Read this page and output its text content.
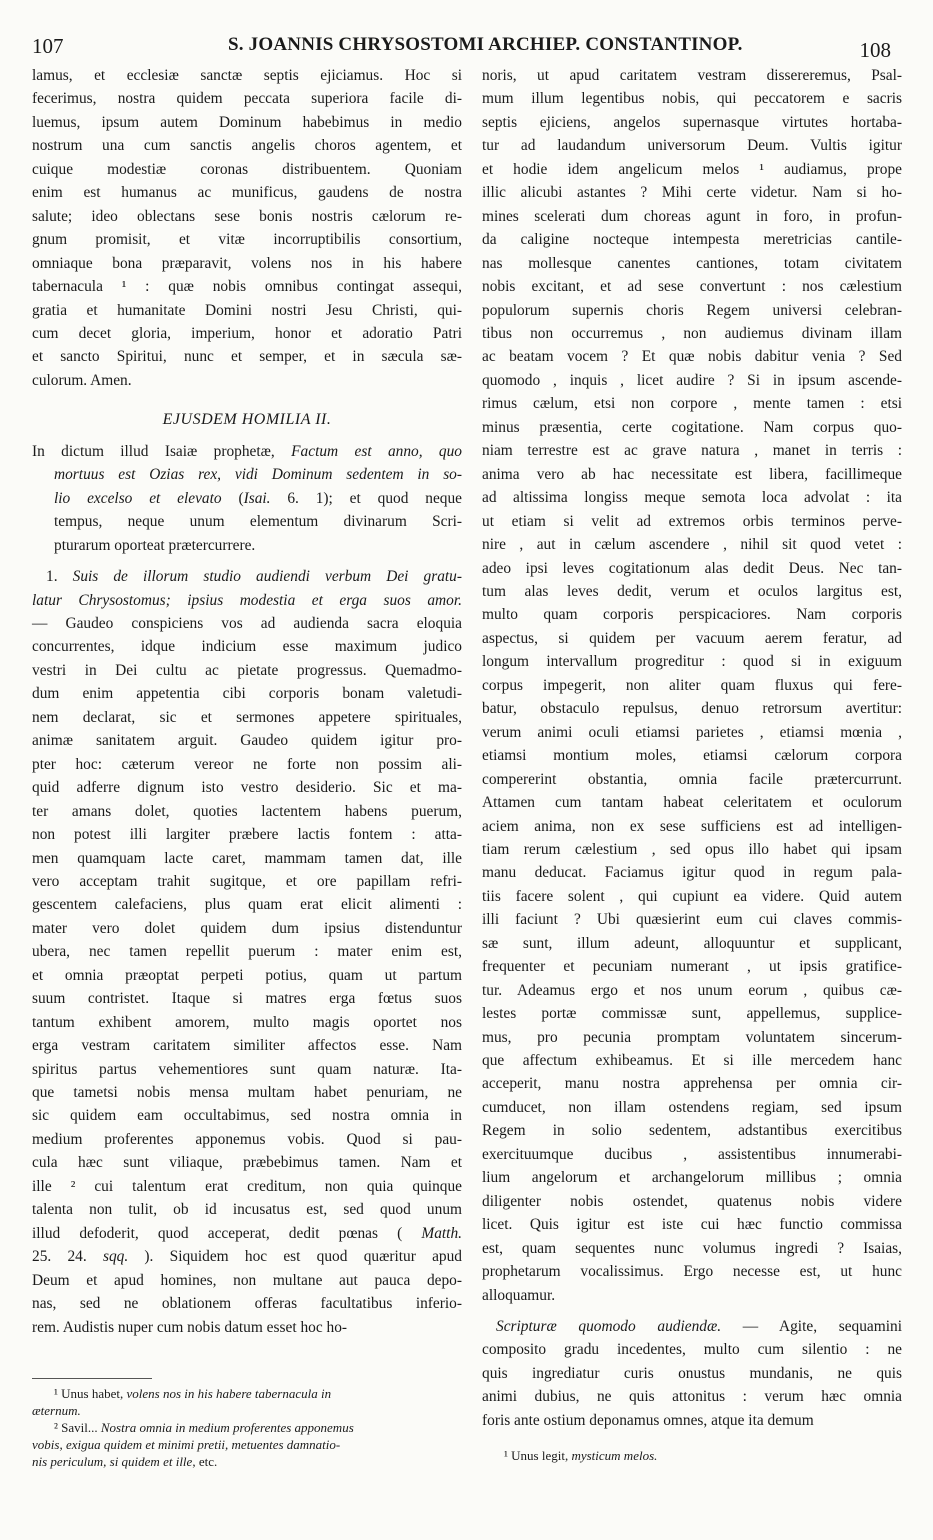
107	S. JOANNIS CHRYSOSTOMI ARCHIEP. CONSTANTINOP.	108
lamus, et ecclesiæ sanctæ septis ejiciamus. Hoc si
fecerimus, nostra quidem peccata superiora facile di-
luemus, ipsum autem Dominum habebimus in medio
nostrum una cum sanctis angelis choros agentem, et
cuique modestiæ coronas distribuentem. Quoniam
enim est humanus ac munificus, gaudens de nostra
salute; ideo oblectans sese bonis nostris cælorum re-
gnum promisit, et vitæ incorruptibilis consortium,
omniaque bona præparavit, volens nos in his habere
tabernacula ¹ : quæ nobis omnibus contingat assequi,
gratia et humanitate Domini nostri Jesu Christi, qui-
cum decet gloria, imperium, honor et adoratio Patri
et sancto Spiritui, nunc et semper, et in sæcula sæ-
culorum. Amen.
EJUSDEM HOMILIA II.
In dictum illud Isaiæ prophetæ, Factum est anno, quo
mortuus est Ozias rex, vidi Dominum sedentem in so-
lio excelso et elevato (Isai. 6. 1); et quod neque
tempus, neque unum elementum divinarum Scri-
pturarum oporteat prætercurrere.
1. Suis de illorum studio audiendi verbum Dei gratu-
latur Chrysostomus; ipsius modestia et erga suos amor.
— Gaudeo conspiciens vos ad audienda sacra eloquia
concurrentes, idque indicium esse maximum judico
vestri in Dei cultu ac pietate progressus. Quemadmo-
dum enim appetentia cibi corporis bonam valetudi-
nem declarat, sic et sermones appetere spirituales,
animæ sanitatem arguit. Gaudeo quidem igitur pro-
pter hoc: cæterum vereor ne forte non possim ali-
quid adferre dignum isto vestro desiderio. Sic et ma-
ter amans dolet, quoties lactentem habens puerum,
non potest illi largiter præbere lactis fontem : atta-
men quamquam lacte caret, mammam tamen dat, ille
vero acceptam trahit sugitque, et ore papillam refri-
gescentem calefaciens, plus quam erat elicit alimenti :
mater vero dolet quidem dum ipsius distenduntur
ubera, nec tamen repellit puerum : mater enim est,
et omnia præoptat perpeti potius, quam ut partum
suum contristet. Itaque si matres erga fœtus suos
tantum exhibent amorem, multo magis oportet nos
erga vestram caritatem similiter affectos esse. Nam
spiritus partus vehementiores sunt quam naturæ. Ita-
que tametsi nobis mensa multam habet penuriam, ne
sic quidem eam occultabimus, sed nostra omnia in
medium proferentes apponemus vobis. Quod si pau-
cula hæc sunt viliaque, præbebimus tamen. Nam et
ille ² cui talentum erat creditum, non quia quinque
talenta non tulit, ob id incusatus est, sed quod unum
illud defoderit, quod acceperat, dedit pœnas ( Matth.
25. 24. sqq. ). Siquidem hoc est quod quæritur apud
Deum et apud homines, non multane aut pauca depo-
nas, sed ne oblationem offeras facultatibus inferio-
rem. Audistis nuper cum nobis datum esset hoc ho-
¹ Unus habet, volens nos in his habere tabernacula in
æternum.
² Savil... Nostra omnia in medium proferentes apponemus
vobis, exigua quidem et minimi pretii, metuentes damnatio-
nis periculum, si quidem et ille, etc.
noris, ut apud caritatem vestram dissereremus, Psal-
mum illum legentibus nobis, qui peccatorem e sacris
septis ejiciens, angelos supernasque virtutes hortaba-
tur ad laudandum universorum Deum. Vultis igitur
et hodie idem angelicum melos ¹ audiamus, prope
illic alicubi astantes ? Mihi certe videtur. Nam si ho-
mines scelerati dum choreas agunt in foro, in profun-
da caligine nocteque intempesta meretricias cantile-
nas mollesque canentes cantiones, totam civitatem
nobis excitant, et ad sese convertunt : nos cælestium
populorum supernis choris Regem universi celebran-
tibus non occurremus , non audiemus divinam illam
ac beatam vocem ? Et quæ nobis dabitur venia ? Sed
quomodo , inquis , licet audire ? Si in ipsum ascende-
rimus cælum, etsi non corpore , mente tamen : etsi
minus præsentia, certe cogitatione. Nam corpus quo-
niam terrestre est ac grave natura , manet in terris :
anima vero ab hac necessitate est libera, facillimeque
ad altissima longiss meque semota loca advolat : ita
ut etiam si velit ad extremos orbis terminos perve-
nire , aut in cælum ascendere , nihil sit quod vetet :
adeo ipsi leves cogitationum alas dedit Deus. Nec tan-
tum alas leves dedit, verum et oculos largitus est,
multo quam corporis perspicaciores. Nam corporis
aspectus, si quidem per vacuum aerem feratur, ad
longum intervallum progreditur : quod si in exiguum
corpus impegerit, non aliter quam fluxus qui fere-
batur, obstaculo repulsus, denuo retrorsum avertitur:
verum animi oculi etiamsi parietes , etiamsi mœnia ,
etiamsi montium moles, etiamsi cælorum corpora
compererint obstantia, omnia facile prætercurrunt.
Attamen cum tantam habeat celeritatem et oculorum
aciem anima, non ex sese sufficiens est ad intelligen-
tiam rerum cælestium , sed opus illo habet qui ipsam
manu deducat. Faciamus igitur quod in regum pala-
tiis facere solent , qui cupiunt ea videre. Quid autem
illi faciunt ? Ubi quæsierint eum cui claves commis-
sæ sunt, illum adeunt, alloquuntur et supplicant,
frequenter et pecuniam numerant , ut ipsis gratifice-
tur. Adeamus ergo et nos unum eorum , quibus cæ-
lestes portæ commissæ sunt, appellemus, supplice-
mus, pro pecunia promptam voluntatem sincerum-
que affectum exhibeamus. Et si ille mercedem hanc
acceperit, manu nostra apprehensa per omnia cir-
cumducet, non illam ostendens regiam, sed ipsum
Regem in solio sedentem, adstantibus exercitibus
exercituumque ducibus , assistentibus innumerabi-
lium angelorum et archangelorum millibus ; omnia
diligenter nobis ostendet, quatenus nobis videre
licet. Quis igitur est iste cui hæc functio commissa
est, quam sequentes nunc volumus ingredi ? Isaias,
prophetarum vocalissimus. Ergo necesse est, ut hunc
alloquamur.
Scripturæ quomodo audiendæ. — Agite, sequamini
composito gradu incedentes, multo cum silentio : ne
quis ingrediatur curis onustus mundanis, ne quis
animi dubius, ne quis attonitus : verum hæc omnia
foris ante ostium deponamus omnes, atque ita demum
¹ Unus legit, mysticum melos.
